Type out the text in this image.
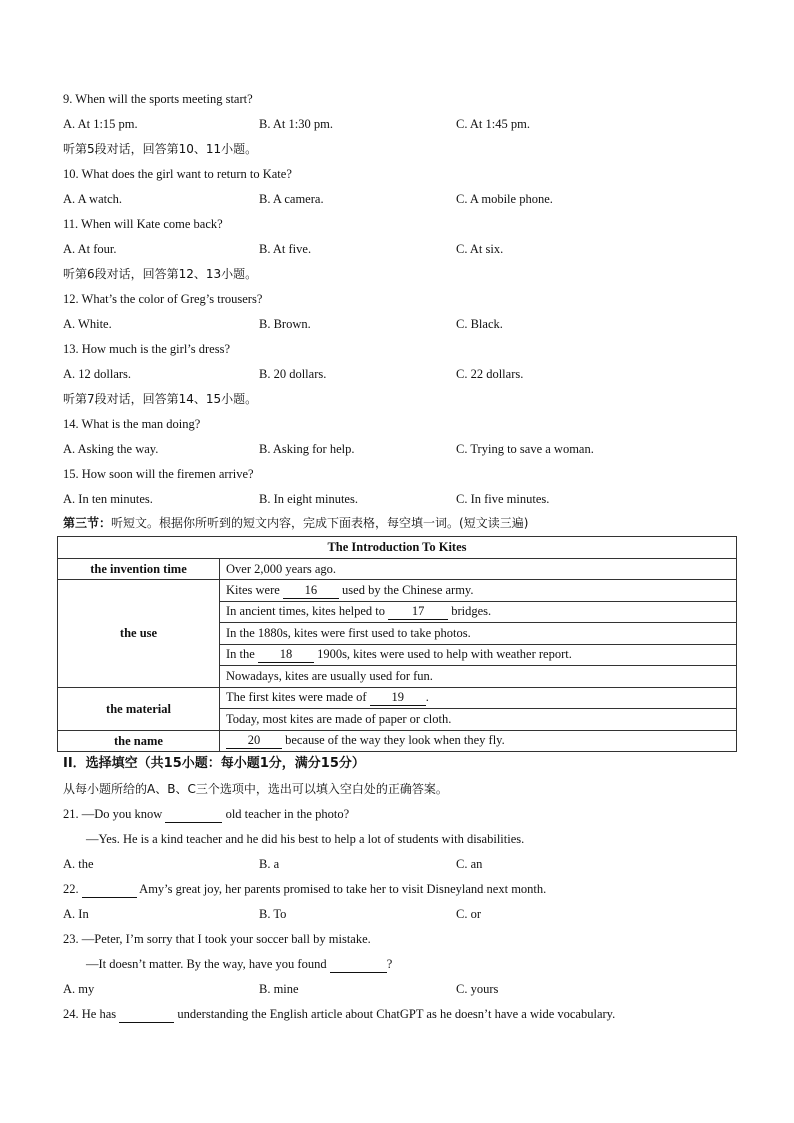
9. When will the sports meeting start?
A. At 1:15 pm.	B. At 1:30 pm.	C. At 1:45 pm.
听第5段对话，回答第10、11小题。
10. What does the girl want to return to Kate?
A. A watch.	B. A camera.	C. A mobile phone.
11. When will Kate come back?
A. At four.	B. At five.	C. At six.
听第6段对话，回答第12、13小题。
12. What’s the color of Greg’s trousers?
A. White.	B. Brown.	C. Black.
13. How much is the girl’s dress?
A. 12 dollars.	B. 20 dollars.	C. 22 dollars.
听第7段对话，回答第14、15小题。
14. What is the man doing?
A. Asking the way.	B. Asking for help.	C. Trying to save a woman.
15. How soon will the firemen arrive?
A. In ten minutes.	B. In eight minutes.	C. In five minutes.
第三节：听短文。根据你所听到的短文内容，完成下面表格，每空填一词。(短文读三遍)
The Introduction To Kites	
the invention time	Over 2,000 years ago.
the use	Kites were 16 used by the Chinese army.
	In ancient times, kites helped to 17 bridges.
	In the 1880s, kites were first used to take photos.
	In the 18 1900s, kites were used to help with weather report.
	Nowadays, kites are usually used for fun.
the material	The first kites were made of 19 .
	Today, most kites are made of paper or cloth.
the name	20 because of the way they look when they fly.
II．选择填空（共15小题：每小题1分，满分15分）
从每小题所给的A、B、C三个选项中，选出可以填入空白处的正确答案。
21. —Do you know	old teacher in the photo?
—Yes. He is a kind teacher and he did his best to help a lot of students with disabilities.
A. the	B. a	C. an
22.	Amy’s great joy, her parents promised to take her to visit Disneyland next month.
A. In	B. To	C. or
23. —Peter, I’m sorry that I took your soccer ball by mistake.
—It doesn’t matter. By the way, have you found	?
A. my	B. mine	C. yours
24. He has	understanding the English article about ChatGPT as he doesn’t have a wide vocabulary.
